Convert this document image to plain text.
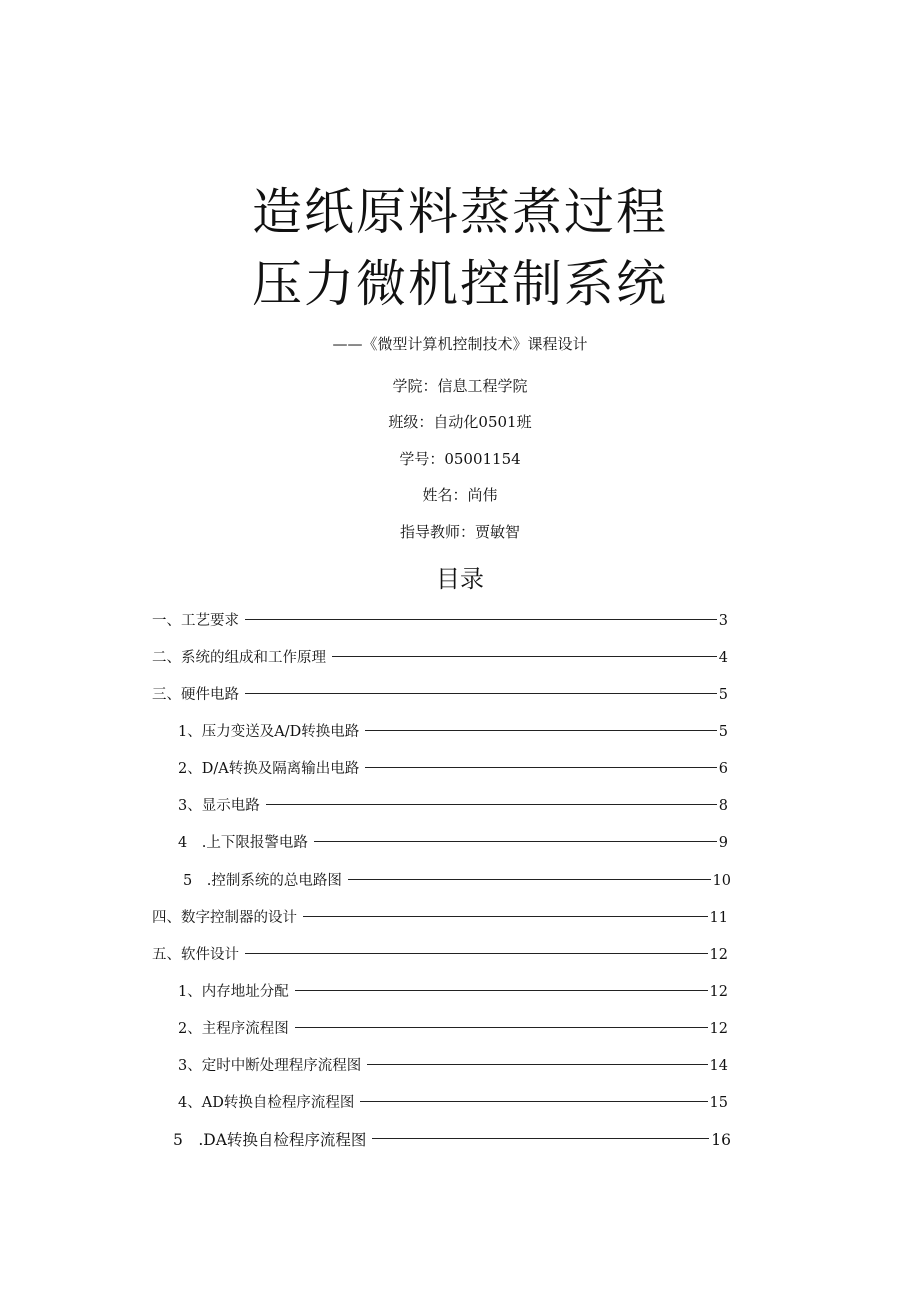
造纸原料蒸煮过程
压力微机控制系统
——《微型计算机控制技术》课程设计
学院：信息工程学院
班级：自动化0501班
学号：05001154
姓名：尚伟
指导教师：贾敏智
目录
一、工艺要求	3
二、系统的组成和工作原理	4
三、硬件电路	5
1、压力变送及A/D转换电路	5
2、D/A转换及隔离输出电路	6
3、显示电路	8
4　.上下限报警电路	9
5　.控制系统的总电路图	10
四、数字控制器的设计	11
五、软件设计	12
1、内存地址分配	12
2、主程序流程图	12
3、定时中断处理程序流程图	14
4、AD转换自检程序流程图	15
5　.DA转换自检程序流程图	16
